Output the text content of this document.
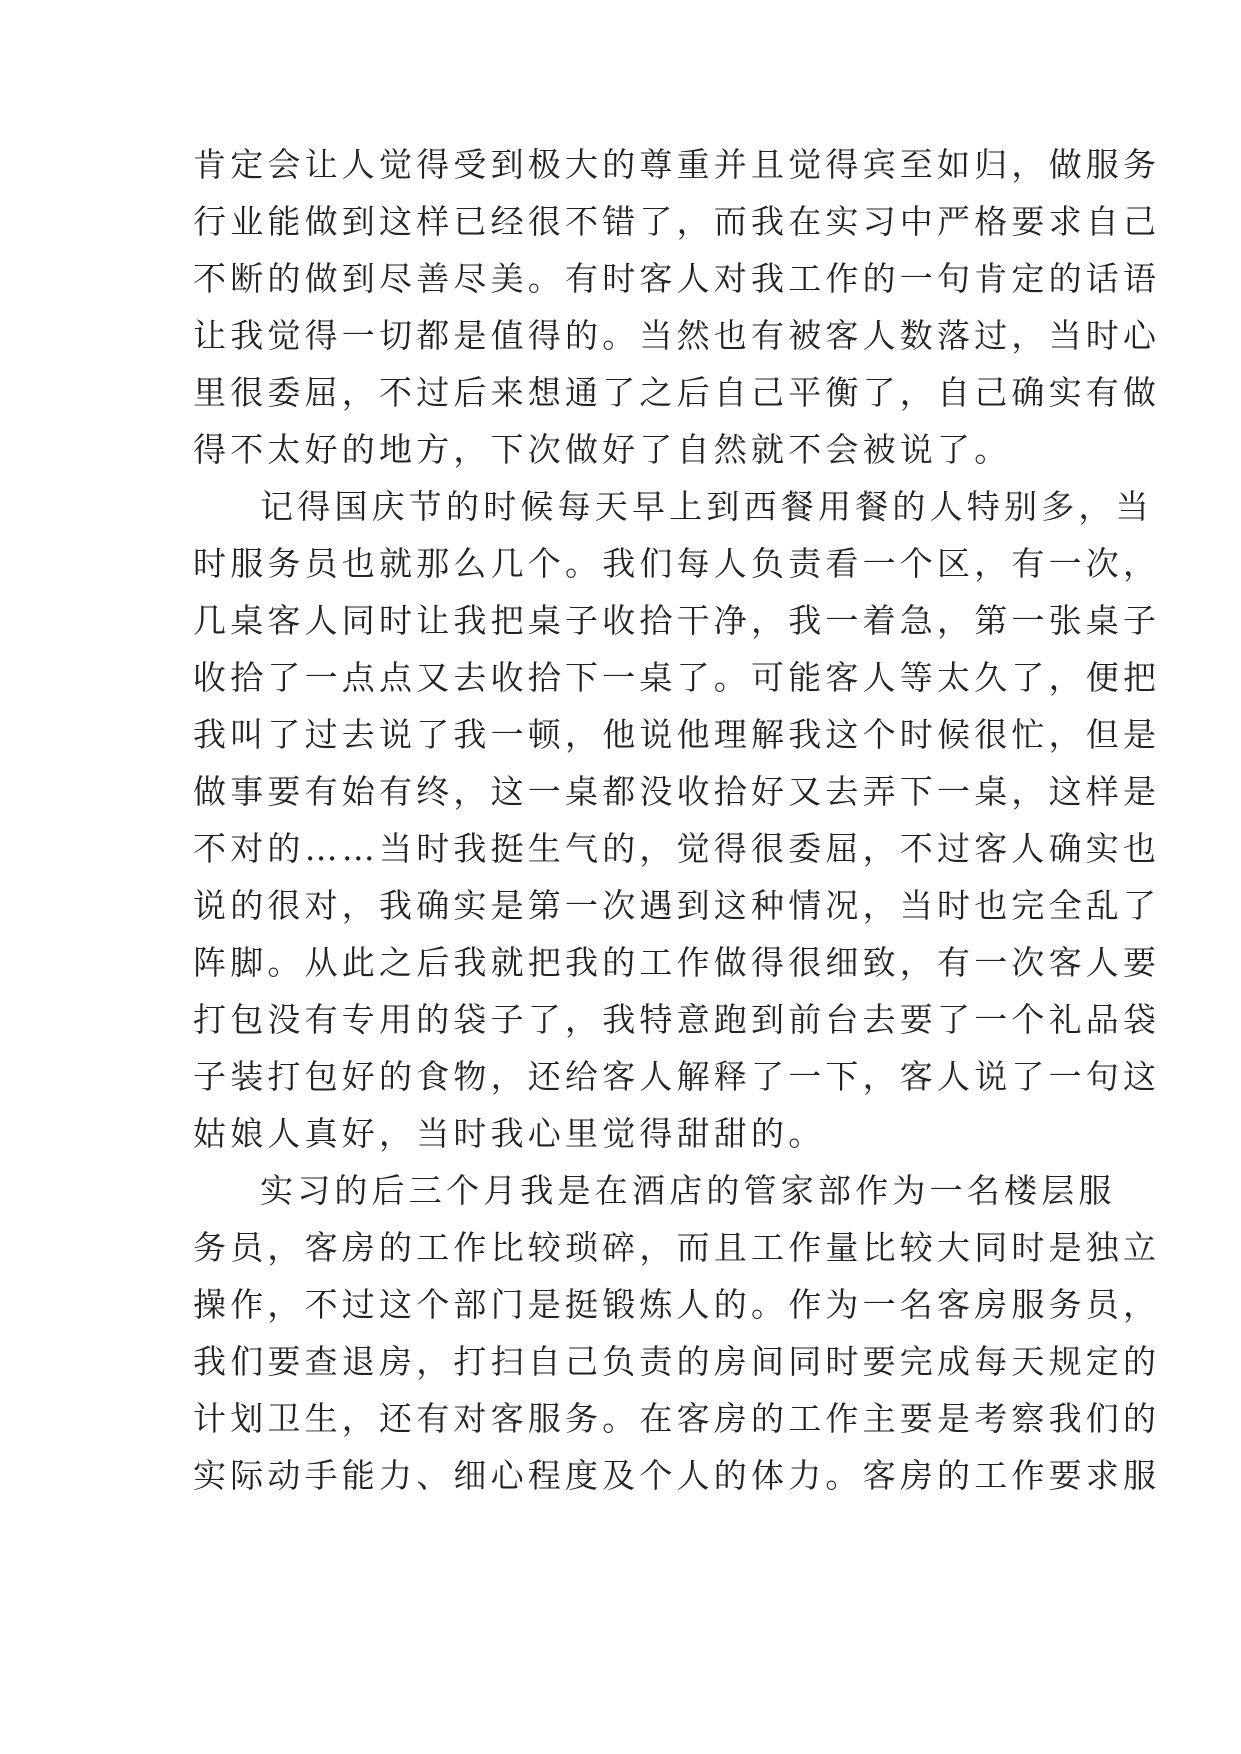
肯定会让人觉得受到极大的尊重并且觉得宾至如归，做服务
行业能做到这样已经很不错了，而我在实习中严格要求自己
不断的做到尽善尽美。有时客人对我工作的一句肯定的话语
让我觉得一切都是值得的。当然也有被客人数落过，当时心
里很委屈，不过后来想通了之后自己平衡了，自己确实有做
得不太好的地方，下次做好了自然就不会被说了。
记得国庆节的时候每天早上到西餐用餐的人特别多，当
时服务员也就那么几个。我们每人负责看一个区，有一次，
几桌客人同时让我把桌子收拾干净，我一着急，第一张桌子
收拾了一点点又去收拾下一桌了。可能客人等太久了，便把
我叫了过去说了我一顿，他说他理解我这个时候很忙，但是
做事要有始有终，这一桌都没收拾好又去弄下一桌，这样是
不对的……当时我挺生气的，觉得很委屈，不过客人确实也
说的很对，我确实是第一次遇到这种情况，当时也完全乱了
阵脚。从此之后我就把我的工作做得很细致，有一次客人要
打包没有专用的袋子了，我特意跑到前台去要了一个礼品袋
子装打包好的食物，还给客人解释了一下，客人说了一句这
姑娘人真好，当时我心里觉得甜甜的。
实习的后三个月我是在酒店的管家部作为一名楼层服
务员，客房的工作比较琐碎，而且工作量比较大同时是独立
操作，不过这个部门是挺锻炼人的。作为一名客房服务员，
我们要查退房，打扫自己负责的房间同时要完成每天规定的
计划卫生，还有对客服务。在客房的工作主要是考察我们的
实际动手能力、细心程度及个人的体力。客房的工作要求服
